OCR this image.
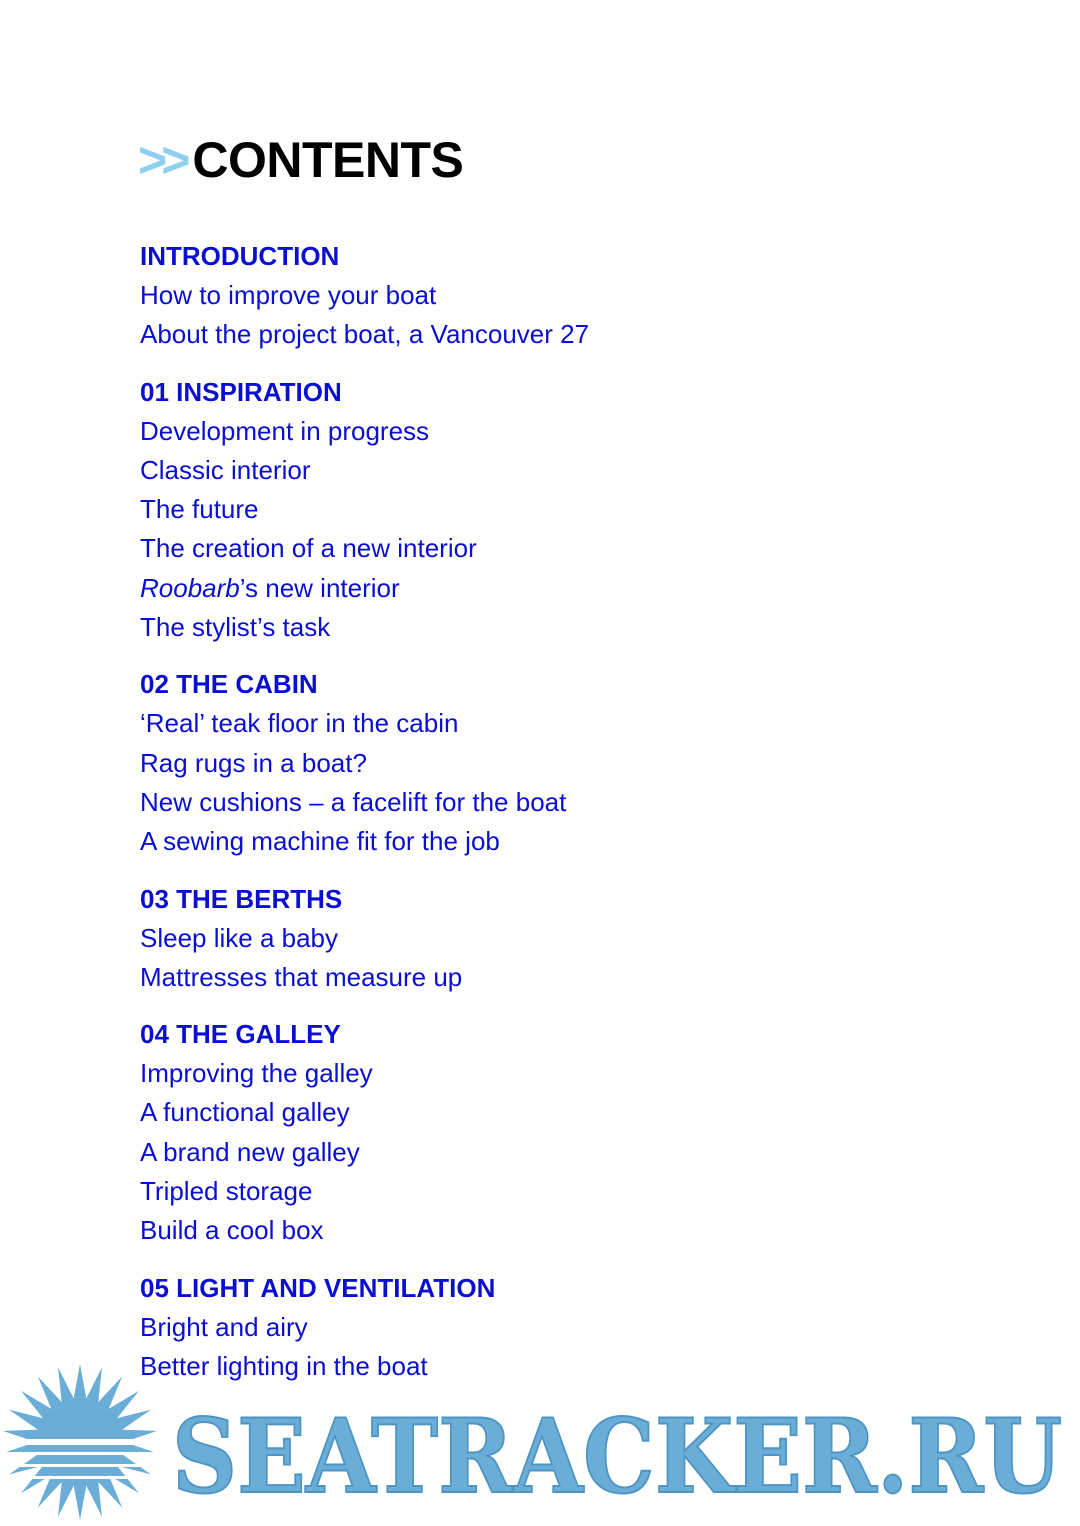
>> CONTENTS
INTRODUCTION
How to improve your boat
About the project boat, a Vancouver 27
01 INSPIRATION
Development in progress
Classic interior
The future
The creation of a new interior
Roobarb’s new interior
The stylist’s task
02 THE CABIN
‘Real’ teak floor in the cabin
Rag rugs in a boat?
New cushions – a facelift for the boat
A sewing machine fit for the job
03 THE BERTHS
Sleep like a baby
Mattresses that measure up
04 THE GALLEY
Improving the galley
A functional galley
A brand new galley
Tripled storage
Build a cool box
05 LIGHT AND VENTILATION
Bright and airy
Better lighting in the boat
SEATRACKER.RU
